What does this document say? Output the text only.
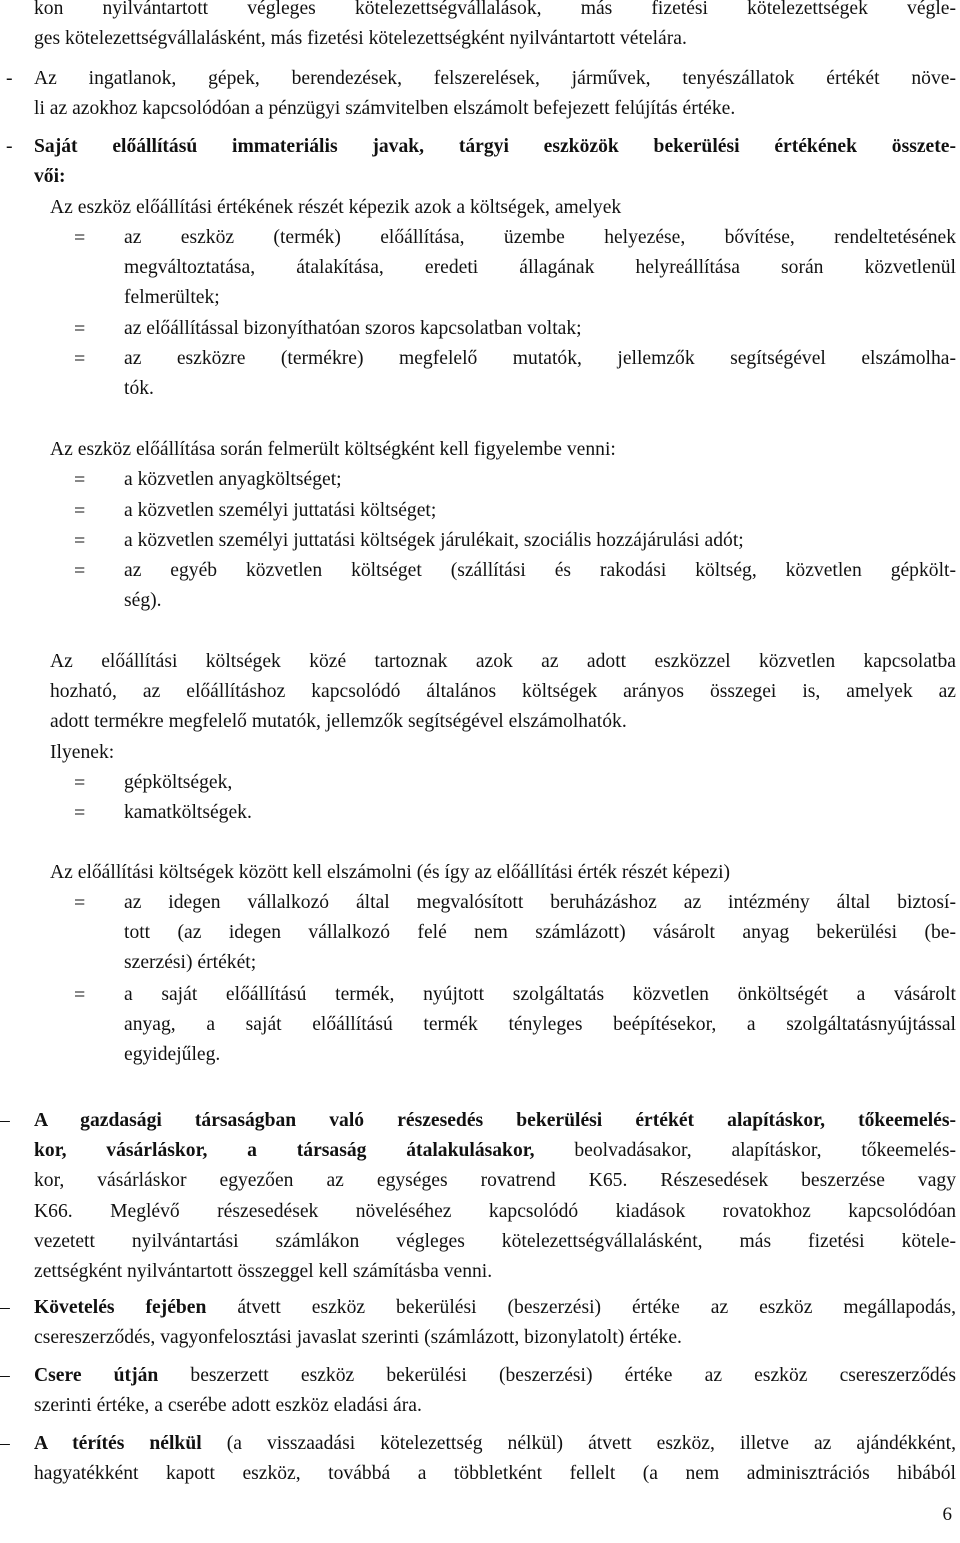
kon nyilvántartott végleges kötelezettségvállalások, más fizetési kötelezettségek végle-
ges kötelezettségvállalásként, más fizetési kötelezettségként nyilvántartott vételára.
- Az ingatlanok, gépek, berendezések, felszerelések, járművek, tenyészállatok értékét növe-
li az azokhoz kapcsolódóan a pénzügyi számvitelben elszámolt befejezett felújítás értéke.
- Saját előállítású immateriális javak, tárgyi eszközök bekerülési értékének összete-
vői:
Az eszköz előállítási értékének részét képezik azok a költségek, amelyek
= az eszköz (termék) előállítása, üzembe helyezése, bővítése, rendeltetésének
megváltoztatása, átalakítása, eredeti állagának helyreállítása során közvetlenül
felmerültek;
= az előállítással bizonyíthatóan szoros kapcsolatban voltak;
= az eszközre (termékre) megfelelő mutatók, jellemzők segítségével elszámolha-
tók.
Az eszköz előállítása során felmerült költségként kell figyelembe venni:
= a közvetlen anyagköltséget;
= a közvetlen személyi juttatási költséget;
= a közvetlen személyi juttatási költségek járulékait, szociális hozzájárulási adót;
= az egyéb közvetlen költséget (szállítási és rakodási költség, közvetlen gépkölt-
ség).
Az előállítási költségek közé tartoznak azok az adott eszközzel közvetlen kapcsolatba
hozható, az előállításhoz kapcsolódó általános költségek arányos összegei is, amelyek az
adott termékre megfelelő mutatók, jellemzők segítségével elszámolhatók.
Ilyenek:
= gépköltségek,
= kamatköltségek.
Az előállítási költségek között kell elszámolni (és így az előállítási érték részét képezi)
= az idegen vállalkozó által megvalósított beruházáshoz az intézmény által biztosí-
tott (az idegen vállalkozó felé nem számlázott) vásárolt anyag bekerülési (be-
szerzési) értékét;
= a saját előállítású termék, nyújtott szolgáltatás közvetlen önköltségét a vásárolt
anyag, a saját előállítású termék tényleges beépítésekor, a szolgáltatásnyújtással
egyidejűleg.
– A gazdasági társaságban való részesedés bekerülési értékét alapításkor, tőkeemelés-
kor, vásárláskor, a társaság átalakulásakor, beolvadásakor, alapításkor, tőkeemelés-
kor, vásárláskor egyezően az egységes rovatrend K65. Részesedések beszerzése vagy
K66. Meglévő részesedések növeléséhez kapcsolódó kiadások rovatokhoz kapcsolódóan
vezetett nyilvántartási számlákon végleges kötelezettségvállalásként, más fizetési kötele-
zettségként nyilvántartott összeggel kell számításba venni.
– Követelés fejében átvett eszköz bekerülési (beszerzési) értéke az eszköz megállapodás,
csereszerződés, vagyonfelosztási javaslat szerinti (számlázott, bizonylatolt) értéke.
– Csere útján beszerzett eszköz bekerülési (beszerzési) értéke az eszköz csereszerződés
szerinti értéke, a cserébe adott eszköz eladási ára.
– A térítés nélkül (a visszaadási kötelezettség nélkül) átvett eszköz, illetve az ajándékként,
hagyatékként kapott eszköz, továbbá a többletként fellelt (a nem adminisztrációs hibából
6
